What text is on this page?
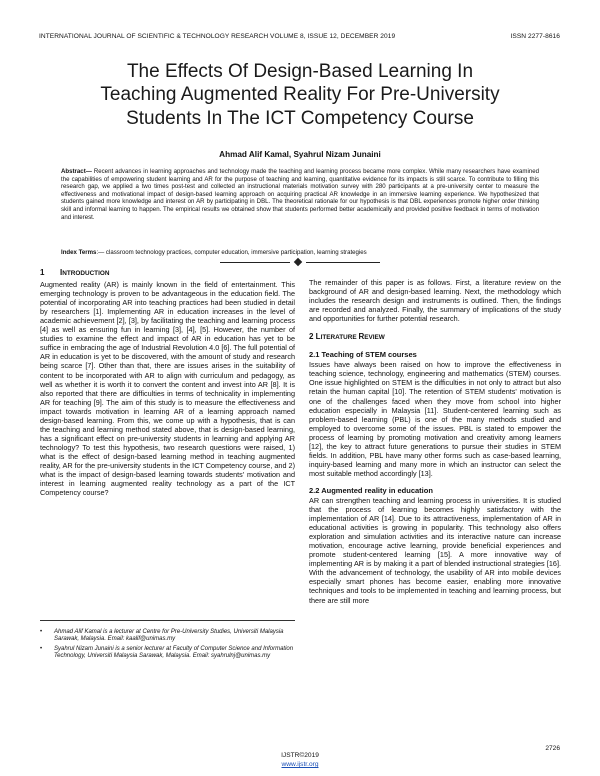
INTERNATIONAL JOURNAL OF SCIENTIFIC & TECHNOLOGY RESEARCH VOLUME 8, ISSUE 12, DECEMBER 2019	ISSN 2277-8616
The Effects Of Design-Based Learning In
Teaching Augmented Reality For Pre-University
Students In The ICT Competency Course
Ahmad Alif Kamal, Syahrul Nizam Junaini
Abstract— Recent advances in learning approaches and technology made the teaching and learning process became more complex. While many researchers have examined the capabilities of empowering student learning and AR for the purpose of teaching and learning, quantitative evidence for its impacts is still scarce. To contribute to filling this research gap, we applied a two times post-test and collected an instructional materials motivation survey with 280 participants at a pre-university center to measure the effectiveness and motivational impact of design-based learning approach on acquiring practical AR knowledge in an immersive learning experience. We hypothesized that students gained more knowledge and interest on AR by participating in DBL. The theoretical rationale for our hypothesis is that DBL experiences promote higher order thinking skill and informal learning to happen. The empirical results we obtained show that students performed better academically and provided positive feedback in terms of motivation and interest.
Index Terms:— classroom technology practices, computer education, immersive participation, learning strategies
1 INTRODUCTION
Augmented reality (AR) is mainly known in the field of entertainment. This emerging technology is proven to be advantageous in the education field. The potential of incorporating AR into teaching practices had been studied in detail by researchers [1]. Implementing AR in education increases in the level of academic achievement [2], [3], by facilitating the teaching and learning process [4] as well as ensuring fun in learning [3], [4], [5]. However, the number of studies to examine the effect and impact of AR in education has yet to be suffice in embracing the age of Industrial Revolution 4.0 [6]. The full potential of AR in education is yet to be discovered, with the amount of study and research being scarce [7]. Other than that, there are issues arises in the suitability of content to be incorporated with AR to align with curriculum and pedagogy, as well as whether it is worth it to convert the content and invest into AR [8]. It is also reported that there are difficulties in terms of technicality in implementing AR for teaching [9]. The aim of this study is to measure the effectiveness and impact towards motivation in learning AR of a learning approach named design-based learning. From this, we come up with a hypothesis, that is can the teaching and learning method stated above, that is design-based learning, has a significant effect on pre-university students in learning and applying AR technology? To test this hypothesis, two research questions were raised, 1) what is the effect of design-based learning method in teaching augmented reality, AR for the pre-university students in the ICT Competency course, and 2) what is the impact of design-based learning towards students' motivation and interest in learning augmented reality technology as a part of the ICT Competency course?
•	Ahmad Alif Kamal is a lecturer at Centre for Pre-University Studies, Universiti Malaysia Sarawak, Malaysia. Email: kaalif@unimas.my
•	Syahrul Nizam Junaini is a senior lecturer at Faculty of Computer Science and Information Technology, Universiti Malaysia Sarawak, Malaysia. Email: syahrulnj@unimas.my
The remainder of this paper is as follows. First, a literature review on the background of AR and design-based learning. Next, the methodology which includes the research design and instruments is outlined. Then, the findings are recorded and analyzed. Finally, the summary of implications of the study and opportunities for further potential research.
2 LITERATURE REVIEW
2.1 Teaching of STEM courses
Issues have always been raised on how to improve the effectiveness in teaching science, technology, engineering and mathematics (STEM) courses. One issue highlighted on STEM is the difficulties in not only to attract but also retain the human capital [10]. The retention of STEM students' motivation is one of the challenges faced when they move from school into higher education especially in Malaysia [11]. Student-centered learning such as problem-based learning (PBL) is one of the many methods studied and employed to overcome some of the issues. PBL is stated to empower the process of learning by promoting motivation and creativity among learners [12], the key to attract future generations to pursue their studies in STEM fields. In addition, PBL have many other forms such as case-based learning, inquiry-based learning and many more in which an instructor can select the most suitable method accordingly [13].
2.2 Augmented reality in education
AR can strengthen teaching and learning process in universities. It is studied that the process of learning becomes highly satisfactory with the implementation of AR [14]. Due to its attractiveness, implementation of AR in educational activities is growing in popularity. This technology also offers exploration and simulation activities and its interactive nature can increase motivation, encourage active learning, provide beneficial experiences and promote student-centered learning [15]. A more innovative way of implementing AR is by making it a part of blended instructional strategies [16]. With the advancement of technology, the usability of AR into mobile devices especially smart phones has become easier, enabling more innovative techniques and tools to be implemented in teaching and learning process, but there are still more
2726
IJSTR©2019
www.ijstr.org
